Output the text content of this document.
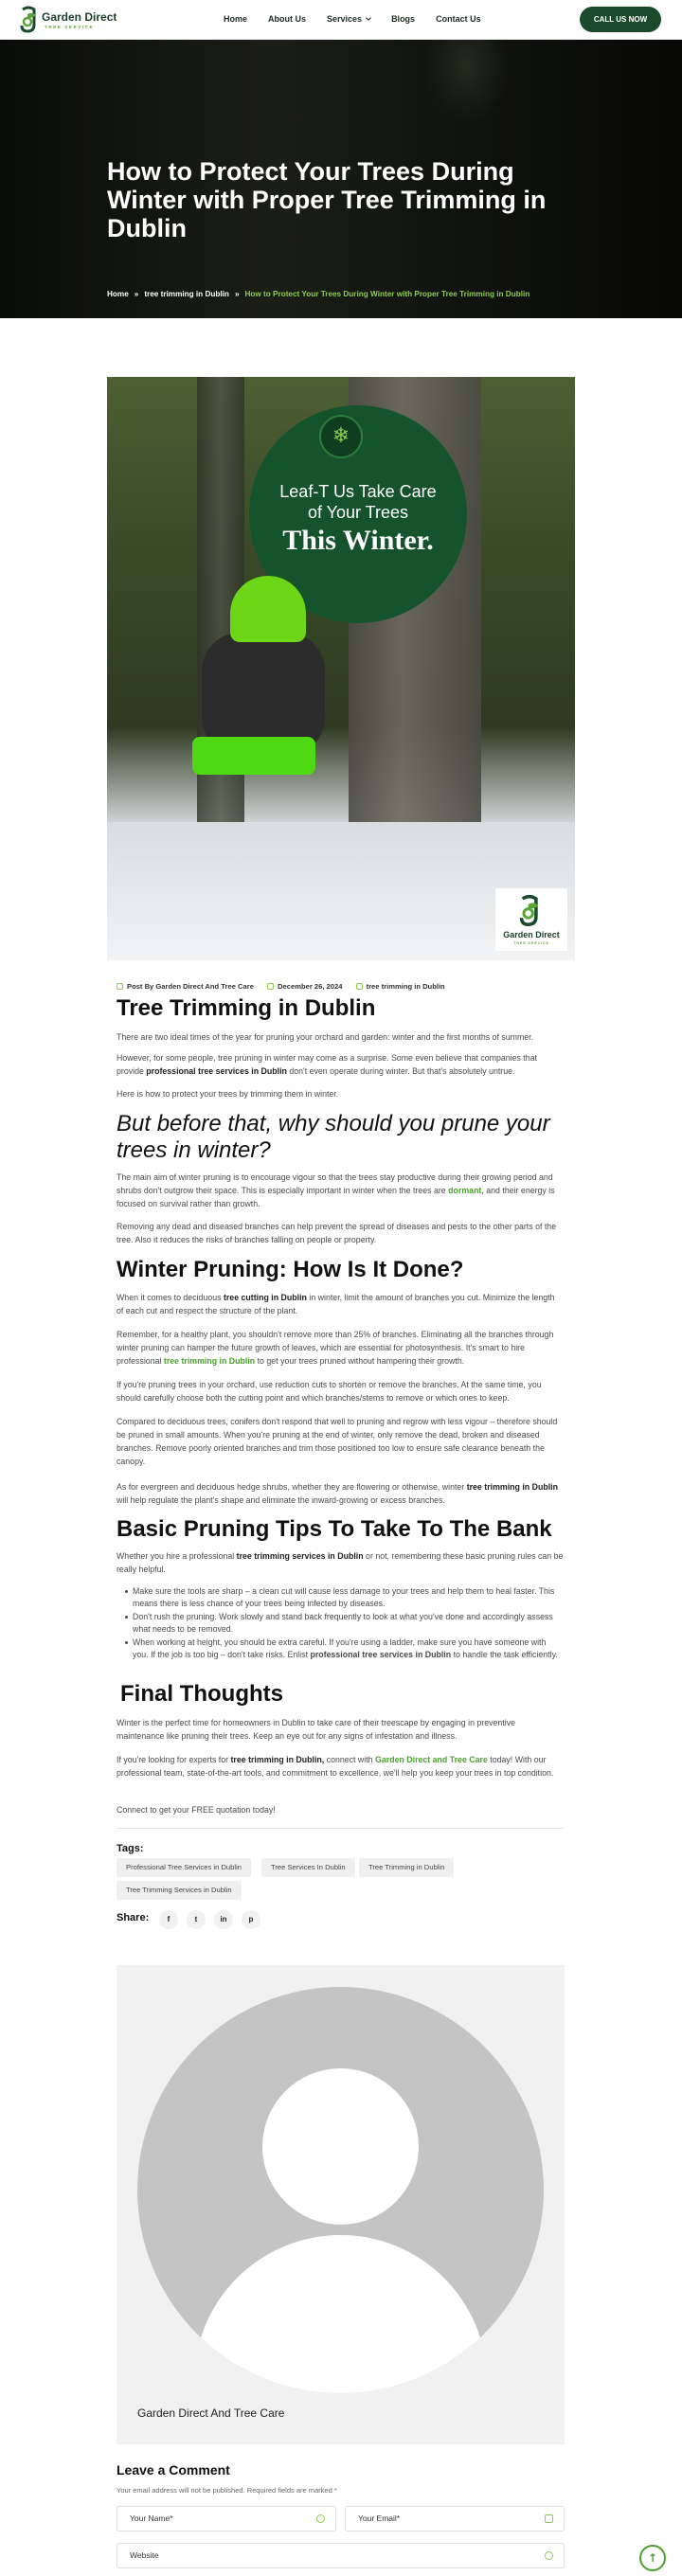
Garden Direct
TREE SERVICE
Home About Us Services	Blogs Contact Us	CALL US NOW
How to Protect Your Trees During Winter with Proper Tree Trimming in Dublin
Home » tree trimming in Dublin » How to Protect Your Trees During Winter with Proper Tree Trimming in Dublin
❄
Leaf-T Us Take Care
of Your Trees
This Winter.
Garden Direct
TREE SERVICE
Post By Garden Direct And Tree Care	December 26, 2024	tree trimming in Dublin
Tree Trimming in Dublin

There are two ideal times of the year for pruning your orchard and garden: winter and the first months of summer.

However, for some people, tree pruning in winter may come as a surprise. Some even believe that companies that provide professional tree services in Dublin don't even operate during winter. But that's absolutely untrue.

Here is how to protect your trees by trimming them in winter.

But before that, why should you prune your trees in winter?

The main aim of winter pruning is to encourage vigour so that the trees stay productive during their growing period and shrubs don't outgrow their space. This is especially important in winter when the trees are dormant, and their energy is focused on survival rather than growth.

Removing any dead and diseased branches can help prevent the spread of diseases and pests to the other parts of the tree. Also it reduces the risks of branches falling on people or property.

Winter Pruning: How Is It Done?

When it comes to deciduous tree cutting in Dublin in winter, limit the amount of branches you cut. Minimize the length of each cut and respect the structure of the plant.

Remember, for a healthy plant, you shouldn't remove more than 25% of branches. Eliminating all the branches through winter pruning can hamper the future growth of leaves, which are essential for photosynthesis. It's smart to hire professional tree trimming in Dublin to get your trees pruned without hampering their growth.

If you're pruning trees in your orchard, use reduction cuts to shorten or remove the branches. At the same time, you should carefully choose both the cutting point and which branches/stems to remove or which ones to keep.

Compared to deciduous trees, conifers don't respond that well to pruning and regrow with less vigour – therefore should be pruned in small amounts. When you're pruning at the end of winter, only remove the dead, broken and diseased branches. Remove poorly oriented branches and trim those positioned too low to ensure safe clearance beneath the canopy.

As for evergreen and deciduous hedge shrubs, whether they are flowering or otherwise, winter tree trimming in Dublin will help regulate the plant's shape and eliminate the inward-growing or excess branches.

Basic Pruning Tips To Take To The Bank

Whether you hire a professional tree trimming services in Dublin or not, remembering these basic pruning rules can be really helpful.

Make sure the tools are sharp – a clean cut will cause less damage to your trees and help them to heal faster. This means there is less chance of your trees being infected by diseases.
Don't rush the pruning. Work slowly and stand back frequently to look at what you've done and accordingly assess what needs to be removed.
When working at height, you should be extra careful. If you're using a ladder, make sure you have someone with you. If the job is too big – don't take risks. Enlist professional tree services in Dublin to handle the task efficiently.
Final Thoughts

Winter is the perfect time for homeowners in Dublin to take care of their treescape by engaging in preventive maintenance like pruning their trees. Keep an eye out for any signs of infestation and illness.

If you're looking for experts for tree trimming in Dublin, connect with Garden Direct and Tree Care today! With our professional team, state-of-the-art tools, and commitment to excellence, we'll help you keep your trees in top condition.

Connect to get your FREE quotation today!

Tags:
Professional Tree Services in Dublin	Tree Services In Dublin	Tree Trimming in Dublin
Tree Trimming Services in Dublin
Share:	f	t	in	p
Garden Direct And Tree Care
Leave a Comment
Your email address will not be published. Required fields are marked *
Your Name*	Your Email*
Website	↑
